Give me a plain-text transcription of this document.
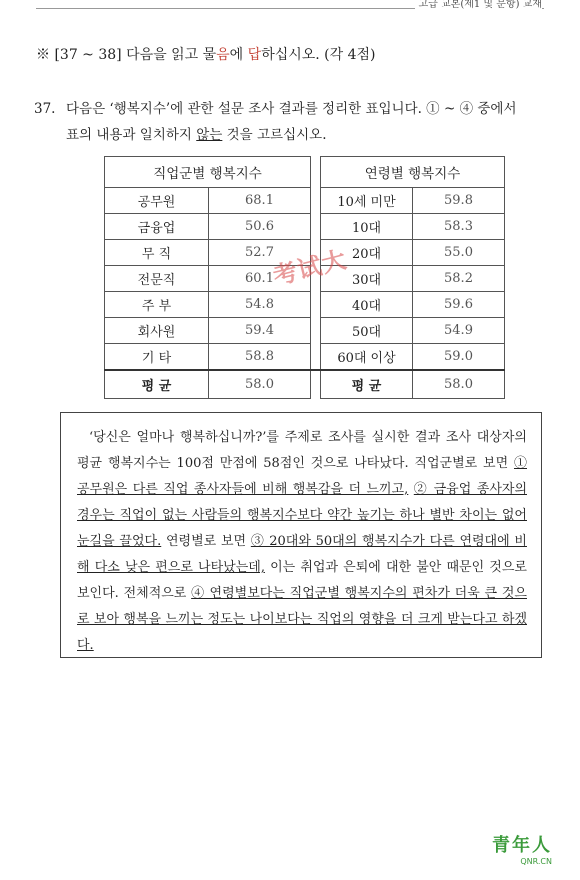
고급 교본(제1 및 문항) 교재
※ [37 ~ 38] 다음을 읽고 물음에 답하십시오. (각 4점)
37. 다음은 ‘행복지수’에 관한 설문 조사 결과를 정리한 표입니다. ① ~ ④ 중에서
표의 내용과 일치하지 않는 것을 고르십시오.
직업군별 행복지수			연령별 행복지수	
공무원	68.1		10세 미만	59.8
금융업	50.6		10대	58.3
무 직	52.7		20대	55.0
전문직	60.1		30대	58.2
주 부	54.8		40대	59.6
회사원	59.4		50대	54.9
기 타	58.8		60대 이상	59.0
평 균	58.0		평 균	58.0
考试大

‘당신은 얼마나 행복하십니까?’를 주제로 조사를 실시한 결과 조사 대상자의 평균 행복지수는 100점 만점에 58점인 것으로 나타났다. 직업군별로 보면 ① 공무원은 다른 직업 종사자들에 비해 행복감을 더 느끼고, ② 금융업 종사자의 경우는 직업이 없는 사람들의 행복지수보다 약간 높기는 하나 별반 차이는 없어 눈길을 끌었다. 연령별로 보면 ③ 20대와 50대의 행복지수가 다른 연령대에 비해 다소 낮은 편으로 나타났는데, 이는 취업과 은퇴에 대한 불안 때문인 것으로 보인다. 전체적으로 ④ 연령별보다는 직업군별 행복지수의 편차가 더욱 큰 것으로 보아 행복을 느끼는 정도는 나이보다는 직업의 영향을 더 크게 받는다고 하겠다.

青年人
QNR.CN
